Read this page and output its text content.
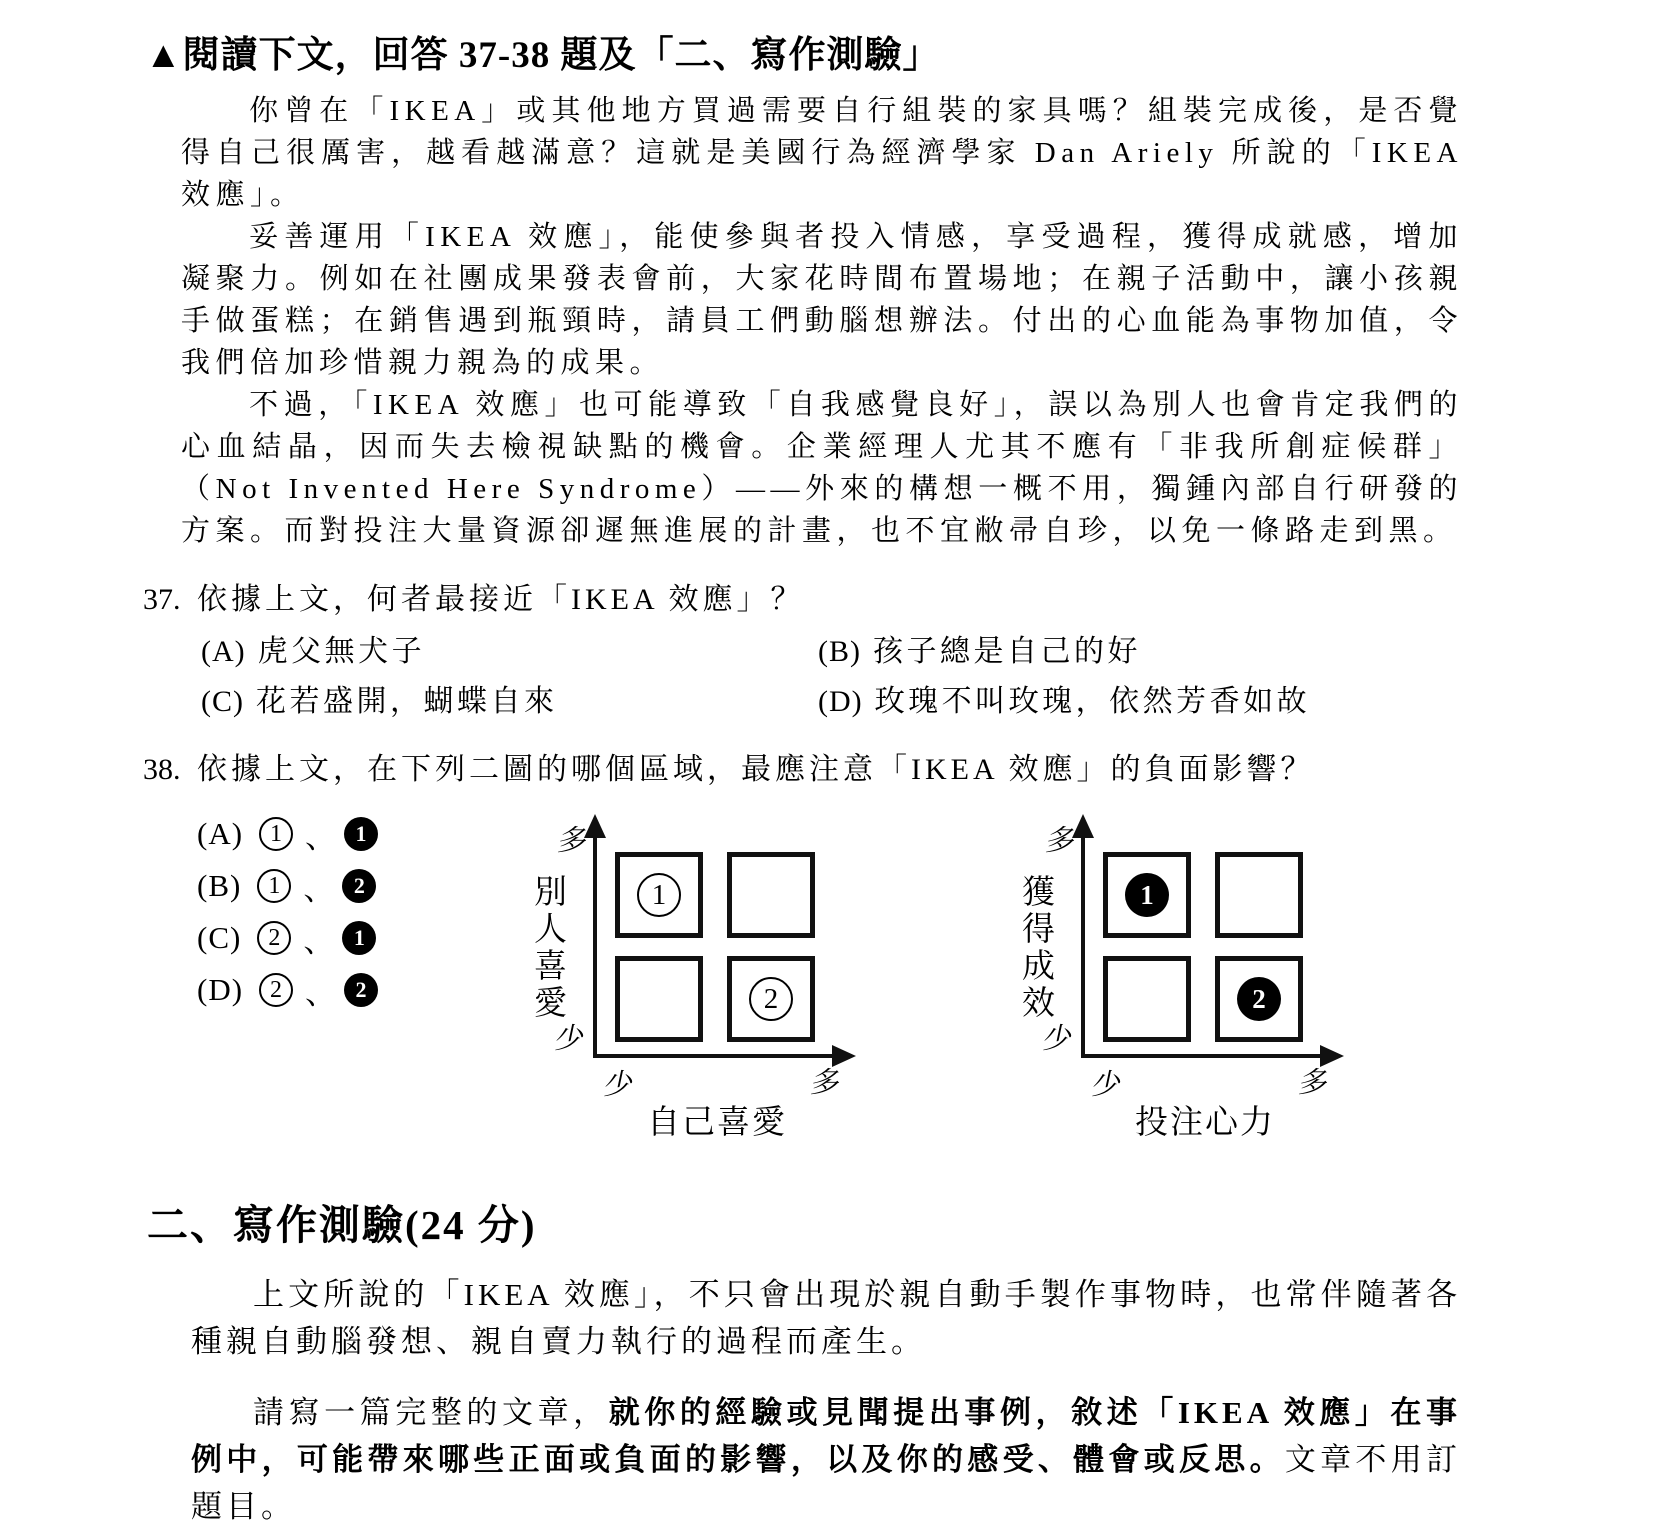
▲閱讀下文，回答 37-38 題及「二、寫作測驗」

你曾在「IKEA」或其他地方買過需要自行組裝的家具嗎？組裝完成後，是否覺得自己很厲害，越看越滿意？這就是美國行為經濟學家 Dan Ariely 所說的「IKEA 效應」。

妥善運用「IKEA 效應」，能使參與者投入情感，享受過程，獲得成就感，增加凝聚力。例如在社團成果發表會前，大家花時間布置場地；在親子活動中，讓小孩親手做蛋糕；在銷售遇到瓶頸時，請員工們動腦想辦法。付出的心血能為事物加值，令我們倍加珍惜親力親為的成果。

不過，「IKEA 效應」也可能導致「自我感覺良好」，誤以為別人也會肯定我們的心血結晶，因而失去檢視缺點的機會。企業經理人尤其不應有「非我所創症候群」（Not Invented Here Syndrome）——外來的構想一概不用，獨鍾內部自行研發的方案。而對投注大量資源卻遲無進展的計畫，也不宜敝帚自珍，以免一條路走到黑。

37. 依據上文，何者最接近「IKEA 效應」？
(A) 虎父無犬子	(B) 孩子總是自己的好
(C) 花若盛開，蝴蝶自來	(D) 玫瑰不叫玫瑰，依然芳香如故
38. 依據上文，在下列二圖的哪個區域，最應注意「IKEA 效應」的負面影響？
(A)	1 、 1
(B)	1 、 2
(C)	2 、 1
(D)	2 、 2
多
少
少	多
別人喜愛	1
2
自己喜愛
多
少
少	多
獲得成效	1
2
投注心力
二、寫作測驗(24 分)

上文所說的「IKEA 效應」，不只會出現於親自動手製作事物時，也常伴隨著各種親自動腦發想、親自賣力執行的過程而產生。

請寫一篇完整的文章，就你的經驗或見聞提出事例，敘述「IKEA 效應」在事例中，可能帶來哪些正面或負面的影響，以及你的感受、體會或反思。文章不用訂題目。
